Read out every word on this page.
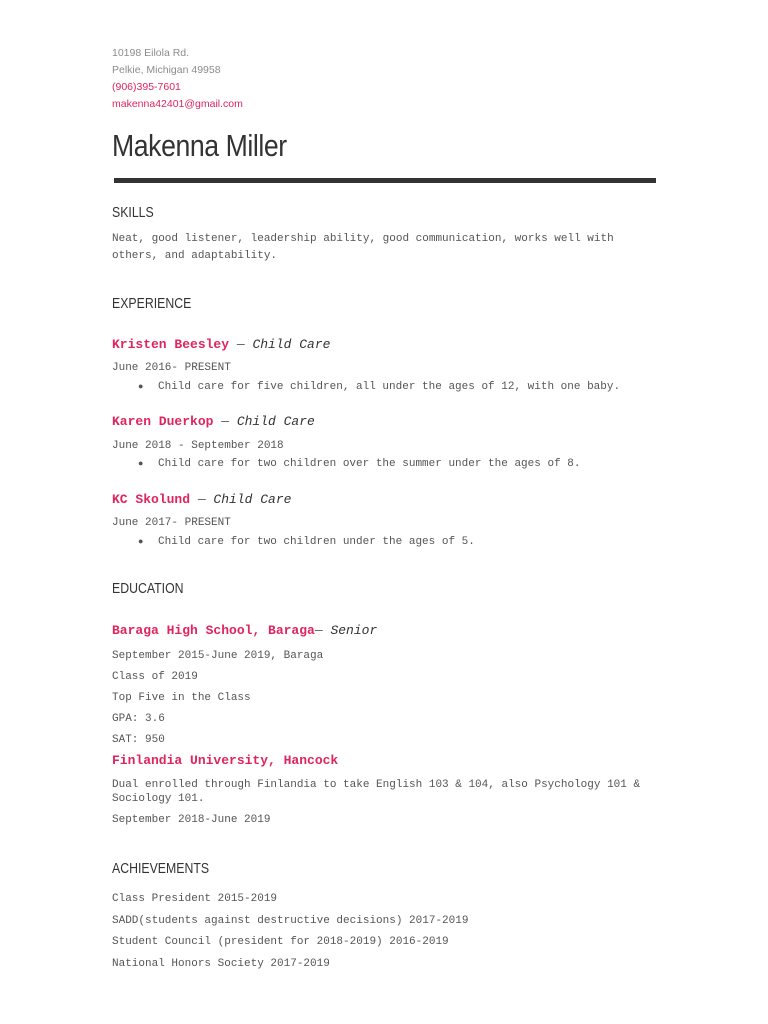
10198 Eilola Rd.
Pelkie, Michigan 49958
(906)395-7601
makenna42401@gmail.com
Makenna Miller
SKILLS
Neat, good listener, leadership ability, good communication, works well with
others, and adaptability.
EXPERIENCE
Kristen Beesley — Child Care
June 2016- PRESENT
● Child care for five children, all under the ages of 12, with one baby.
Karen Duerkop — Child Care
June 2018 - September 2018
● Child care for two children over the summer under the ages of 8.
KC Skolund — Child Care
June 2017- PRESENT
● Child care for two children under the ages of 5.
EDUCATION
Baraga High School, Baraga— Senior
September 2015-June 2019, Baraga
Class of 2019
Top Five in the Class
GPA: 3.6
SAT: 950
Finlandia University, Hancock
Dual enrolled through Finlandia to take English 103 & 104, also Psychology 101 &
Sociology 101.
September 2018-June 2019
ACHIEVEMENTS
Class President 2015-2019
SADD(students against destructive decisions) 2017-2019
Student Council (president for 2018-2019) 2016-2019
National Honors Society 2017-2019
